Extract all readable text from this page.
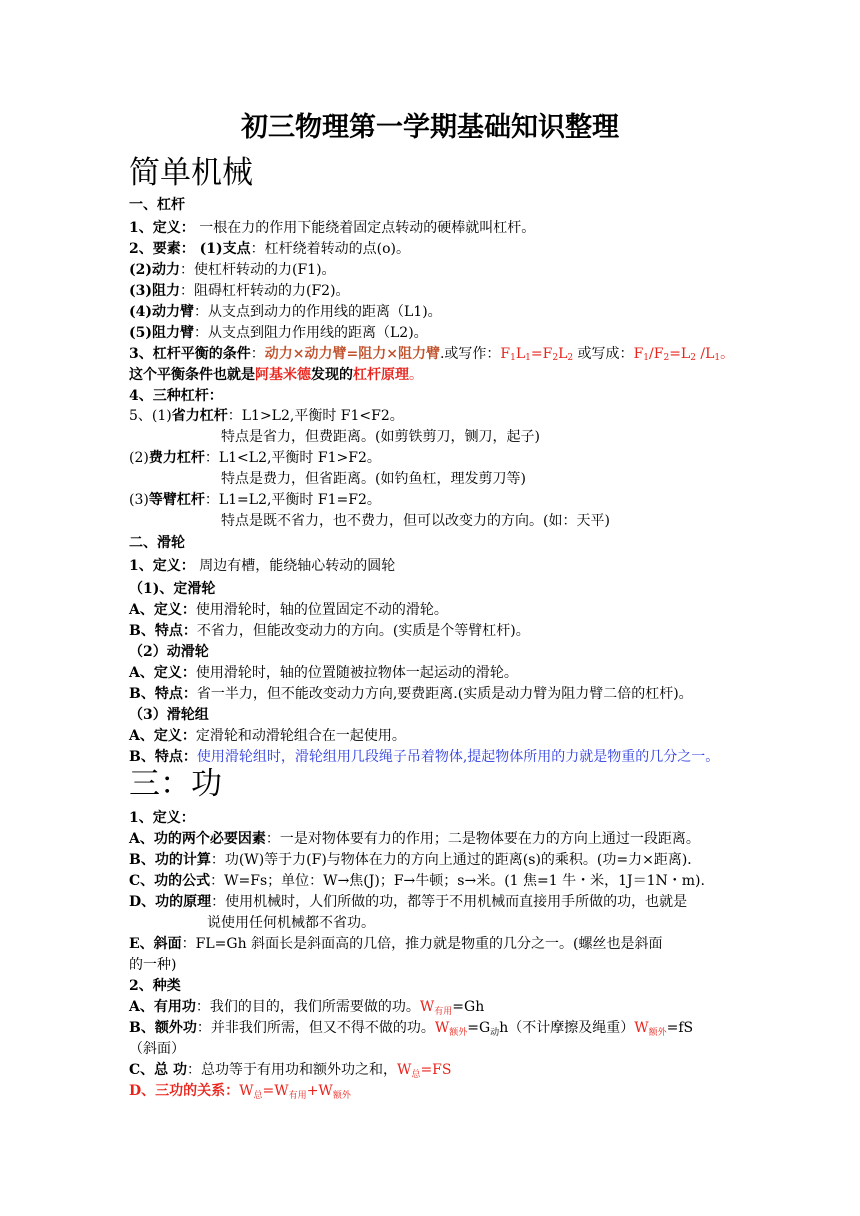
初三物理第一学期基础知识整理
简单机械
一、杠杆
1、定义： 一根在力的作用下能绕着固定点转动的硬棒就叫杠杆。
2、要素： (1)支点：杠杆绕着转动的点(o)。
(2)动力：使杠杆转动的力(F1)。
(3)阻力：阻碍杠杆转动的力(F2)。
(4)动力臂：从支点到动力的作用线的距离（L1)。
(5)阻力臂：从支点到阻力作用线的距离（L2)。
3、杠杆平衡的条件：动力×动力臂=阻力×阻力臂.或写作：$F_1L_1=F_2L_2$ 或写成：$F_1/F_2=L_2$ $/L_1$。
这个平衡条件也就是阿基米德发现的杠杆原理。
4、三种杠杆：
5、(1)省力杠杆：L1>L2,平衡时 F1<F2。
特点是省力，但费距离。(如剪铁剪刀，铡刀，起子)
(2)费力杠杆：L1<L2,平衡时 F1>F2。
特点是费力，但省距离。(如钓鱼杠，理发剪刀等)
(3)等臂杠杆：L1=L2,平衡时 F1=F2。
特点是既不省力，也不费力，但可以改变力的方向。(如：天平)
二、滑轮
1、定义： 周边有槽，能绕轴心转动的圆轮
（1)、定滑轮
A、定义：使用滑轮时，轴的位置固定不动的滑轮。
B、特点：不省力，但能改变动力的方向。(实质是个等臂杠杆)。
（2）动滑轮
A、定义：使用滑轮时，轴的位置随被拉物体一起运动的滑轮。
B、特点：省一半力，但不能改变动力方向,要费距离.(实质是动力臂为阻力臂二倍的杠杆)。
（3）滑轮组
A、定义：定滑轮和动滑轮组合在一起使用。
B、特点：使用滑轮组时，滑轮组用几段绳子吊着物体,提起物体所用的力就是物重的几分之一。
三：功
1、定义：
A、功的两个必要因素：一是对物体要有力的作用；二是物体要在力的方向上通过一段距离。
B、功的计算：功(W)等于力(F)与物体在力的方向上通过的距离(s)的乘积。(功=力×距离)．
C、功的公式：W=Fs；单位：W→焦(J)；F→牛顿；s→米。(1 焦=1 牛・米，1J＝1N・m).
D、功的原理：使用机械时，人们所做的功，都等于不用机械而直接用手所做的功，也就是
说使用任何机械都不省功。
E、斜面：FL=Gh 斜面长是斜面高的几倍，推力就是物重的几分之一。(螺丝也是斜面
的一种)
2、种类
A、有用功：我们的目的，我们所需要做的功。$W_{有用}=Gh$
B、额外功：并非我们所需，但又不得不做的功。$W_{额外}=G_动h$（不计摩擦及绳重）$W_{额外}=fS$
（斜面）
C、总 功：总功等于有用功和额外功之和，$W_总=FS$
D、三功的关系：$W_总=W_{有用}+W_{额外}$
